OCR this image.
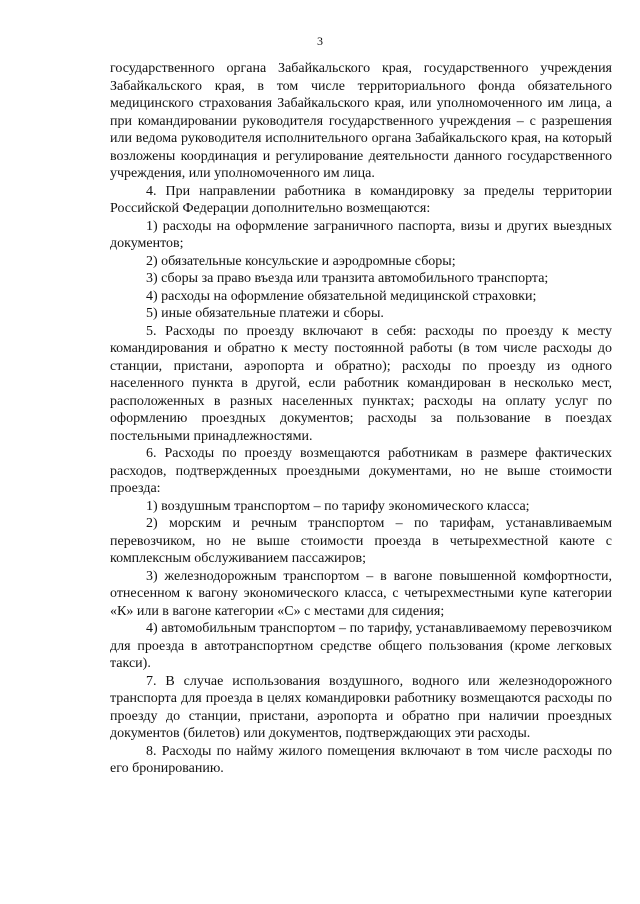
3

государственного органа Забайкальского края, государственного учреждения Забайкальского края, в том числе территориального фонда обязательного медицинского страхования Забайкальского края, или уполномоченного им лица, а при командировании руководителя государственного учреждения – с разрешения или ведома руководителя исполнительного органа Забайкальского края, на который возложены координация и регулирование деятельности данного государственного учреждения, или уполномоченного им лица.

4. При направлении работника в командировку за пределы территории Российской Федерации дополнительно возмещаются:

1) расходы на оформление заграничного паспорта, визы и других выездных документов;

2) обязательные консульские и аэродромные сборы;

3) сборы за право въезда или транзита автомобильного транспорта;

4) расходы на оформление обязательной медицинской страховки;

5) иные обязательные платежи и сборы.

5. Расходы по проезду включают в себя: расходы по проезду к месту командирования и обратно к месту постоянной работы (в том числе расходы до станции, пристани, аэропорта и обратно); расходы по проезду из одного населенного пункта в другой, если работник командирован в несколько мест, расположенных в разных населенных пунктах; расходы на оплату услуг по оформлению проездных документов; расходы за пользование в поездах постельными принадлежностями.

6. Расходы по проезду возмещаются работникам в размере фактических расходов, подтвержденных проездными документами, но не выше стоимости проезда:

1) воздушным транспортом – по тарифу экономического класса;

2) морским и речным транспортом – по тарифам, устанавливаемым перевозчиком, но не выше стоимости проезда в четырехместной каюте с комплексным обслуживанием пассажиров;

3) железнодорожным транспортом – в вагоне повышенной комфортности, отнесенном к вагону экономического класса, с четырехместными купе категории «К» или в вагоне категории «С» с местами для сидения;

4) автомобильным транспортом – по тарифу, устанавливаемому перевозчиком для проезда в автотранспортном средстве общего пользования (кроме легковых такси).

7. В случае использования воздушного, водного или железнодорожного транспорта для проезда в целях командировки работнику возмещаются расходы по проезду до станции, пристани, аэропорта и обратно при наличии проездных документов (билетов) или документов, подтверждающих эти расходы.

8. Расходы по найму жилого помещения включают в том числе расходы по его бронированию.
